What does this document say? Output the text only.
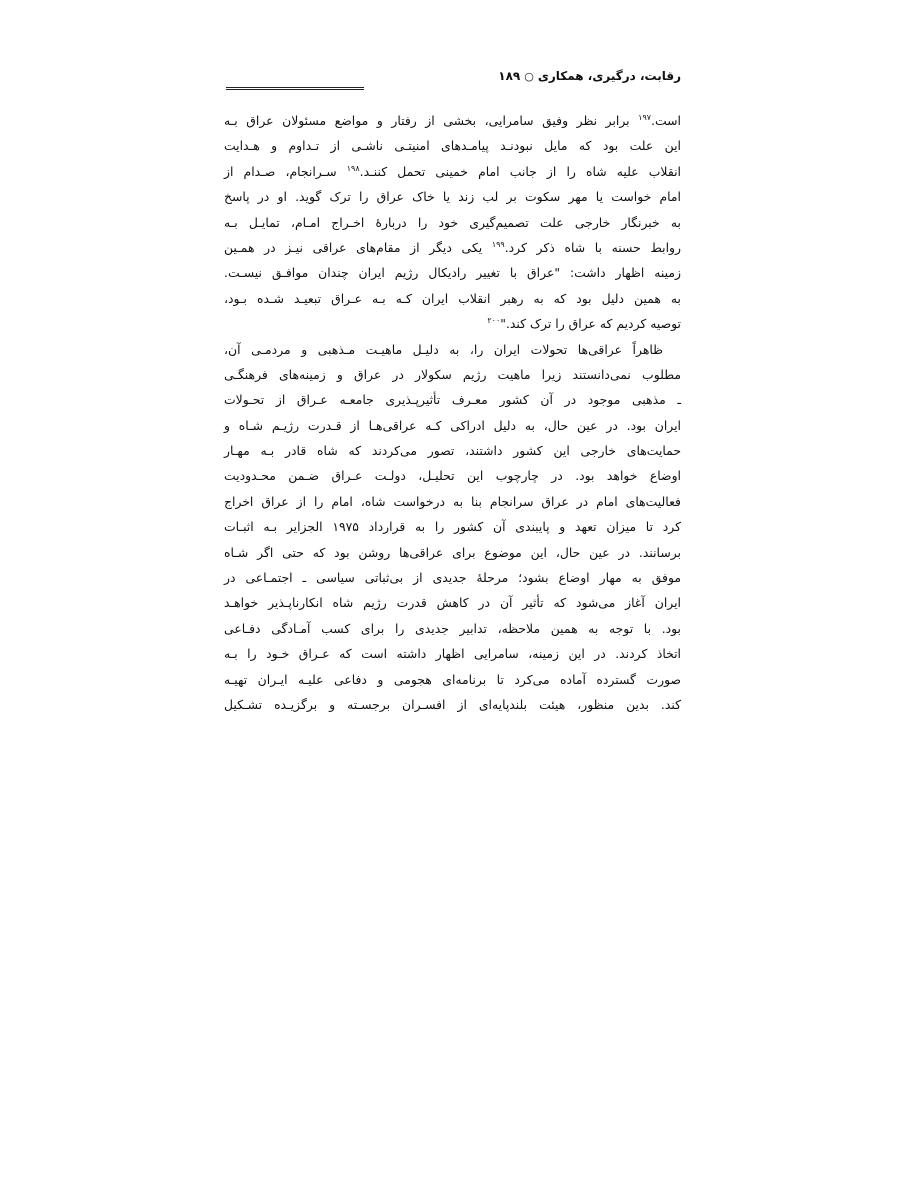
رقابت، درگیری، همکاری○۱۸۹
است.$^{۱۹۷}$ برابر نظر وفیق سامرایی، بخشی از رفتار و مواضع مسئولان عراق بـه
این علت بود که مایل نبودنـد پیامـدهای امنیتـی ناشـی از تـداوم و هـدایت
انقلاب علیه شاه را از جانب امام خمینی تحمل کننـد.$^{۱۹۸}$ سـرانجام، صـدام از
امام خواست یا مهر سکوت بر لب زند یا خاک عراق را ترک گوید. او در پاسخ
به خبرنگار خارجی علت تصمیم‌گیری خود را دربارهٔ اخـراج امـام، تمایـل بـه
روابط حسنه با شاه ذکر کرد.$^{۱۹۹}$ یکی دیگر از مقام‌های عراقی نیـز در همـین
زمینه اظهار داشت: "عراق با تغییر رادیکال رژیم ایران چندان موافـق نیسـت.
به همین دلیل بود که به رهبر انقلاب ایران کـه بـه عـراق تبعیـد شـده بـود،
توصیه کردیم که عراق را ترک کند."$^{۲۰۰}$
ظاهراً عراقی‌ها تحولات ایران را، به دلیـل ماهیـت مـذهبی و مردمـی آن،
مطلوب نمی‌دانستند زیرا ماهیت رژیم سکولار در عراق و زمینه‌های فرهنگـی
ـ مذهبی موجود در آن کشور معـرف تأثیرپـذیری جامعـه عـراق از تحـولات
ایران بود. در عین حال، به دلیل ادراکی کـه عراقی‌هـا از قـدرت رژیـم شـاه و
حمایت‌های خارجی این کشور داشتند، تصور می‌کردند که شاه قادر بـه مهـار
اوضاع خواهد بود. در چارچوب این تحلیـل، دولـت عـراق ضـمن محـدودیت
فعالیت‌های امام در عراق سرانجام بنا به درخواست شاه، امام را از عراق اخراج
کرد تا میزان تعهد و پایبندی آن کشور را به قرارداد ۱۹۷۵ الجزایر بـه اثبـات
برسانند. در عین حال، این موضوع برای عراقی‌ها روشن بود که حتی اگر شـاه
موفق به مهار اوضاع بشود؛ مرحلهٔ جدیدی از بی‌ثباتی سیاسی ـ اجتمـاعی در
ایران آغاز می‌شود که تأثیر آن در کاهش قدرت رژیم شاه انکارناپـذیر خواهـد
بود. با توجه به همین ملاحظه، تدابیر جدیدی را برای کسب آمـادگی دفـاعی
اتخاذ کردند. در این زمینه، سامرایی اظهار داشته است که عـراق خـود را بـه
صورت گسترده آماده می‌کرد تا برنامه‌ای هجومی و دفاعی علیـه ایـران تهیـه
کند. بدین منظور، هیئت بلندپایه‌ای از افسـران برجسـته و برگزیـده تشـکیل
